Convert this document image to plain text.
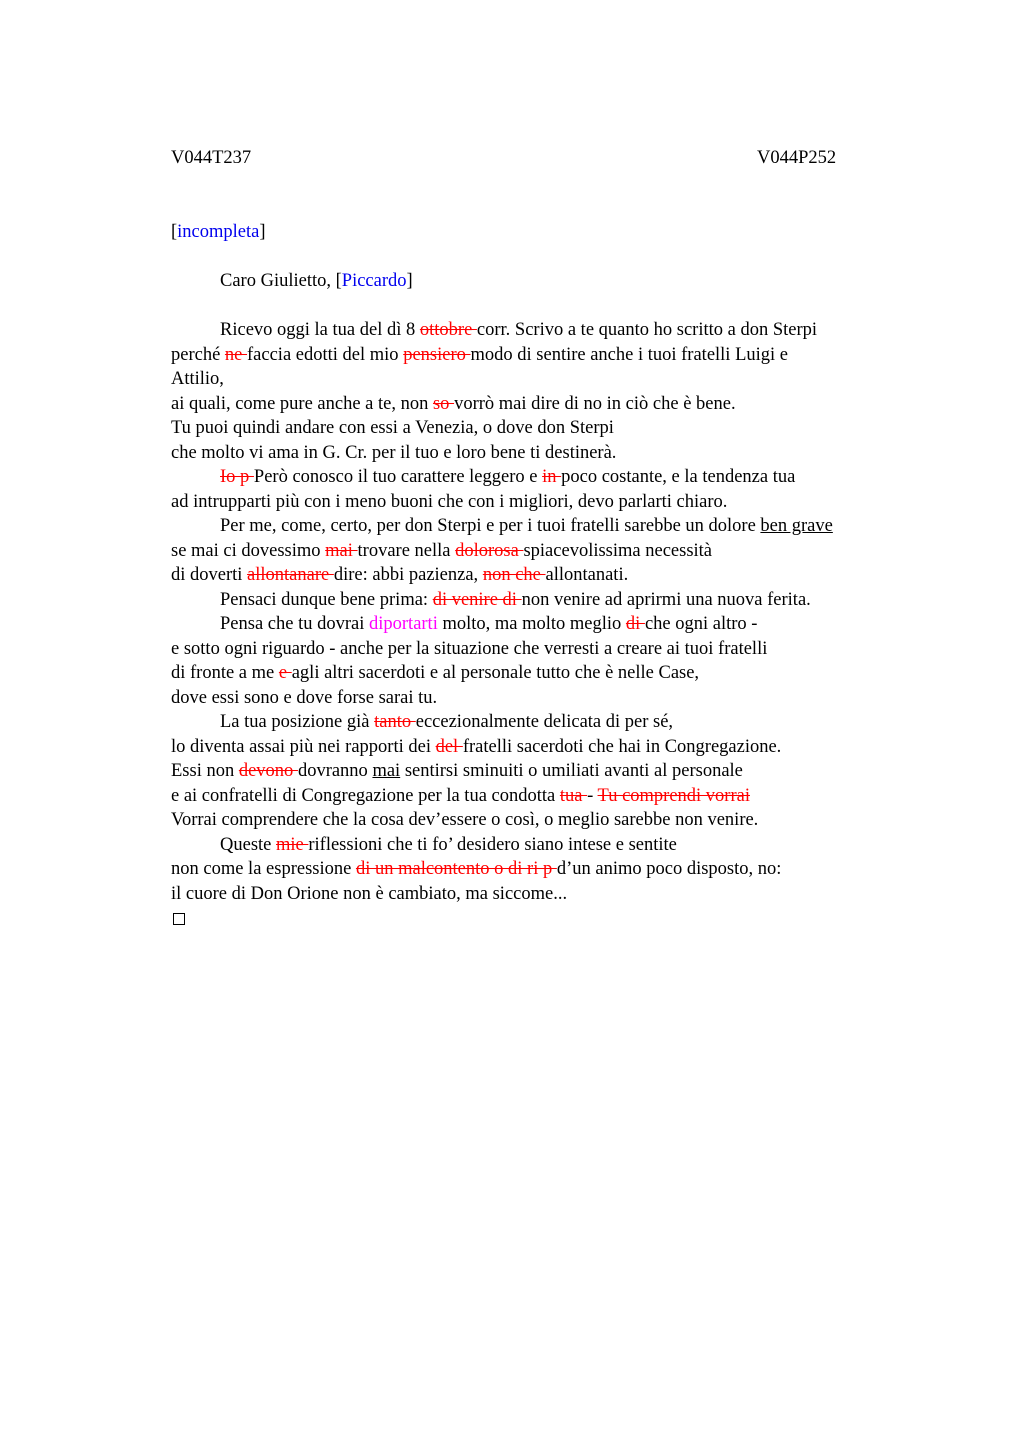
V044T237	V044P252
[incompleta]
Caro Giulietto, [Piccardo]
Ricevo oggi la tua del dì 8 ottobre corr. Scrivo a te quanto ho scritto a don Sterpi
perché ne faccia edotti del mio pensiero modo di sentire anche i tuoi fratelli Luigi e
Attilio,
ai quali, come pure anche a te, non so vorrò mai dire di no in ciò che è bene.
Tu puoi quindi andare con essi a Venezia, o dove don Sterpi
che molto vi ama in G. Cr. per il tuo e loro bene ti destinerà.
Io p Però conosco il tuo carattere leggero e in poco costante, e la tendenza tua
ad intrupparti più con i meno buoni che con i migliori, devo parlarti chiaro.
Per me, come, certo, per don Sterpi e per i tuoi fratelli sarebbe un dolore ben grave
se mai ci dovessimo mai trovare nella dolorosa spiacevolissima necessità
di doverti allontanare dire: abbi pazienza, non che allontanati.
Pensaci dunque bene prima: di venire di non venire ad aprirmi una nuova ferita.
Pensa che tu dovrai diportarti molto, ma molto meglio di che ogni altro -
e sotto ogni riguardo - anche per la situazione che verresti a creare ai tuoi fratelli
di fronte a me e agli altri sacerdoti e al personale tutto che è nelle Case,
dove essi sono e dove forse sarai tu.
La tua posizione già tanto eccezionalmente delicata di per sé,
lo diventa assai più nei rapporti dei del fratelli sacerdoti che hai in Congregazione.
Essi non devono dovranno mai sentirsi sminuiti o umiliati avanti al personale
e ai confratelli di Congregazione per la tua condotta tua - Tu comprendi vorrai
Vorrai comprendere che la cosa dev’essere o così, o meglio sarebbe non venire.
Queste mie riflessioni che ti fo’ desidero siano intese e sentite
non come la espressione di un malcontento o di ri p d’un animo poco disposto, no:
il cuore di Don Orione non è cambiato, ma siccome...
